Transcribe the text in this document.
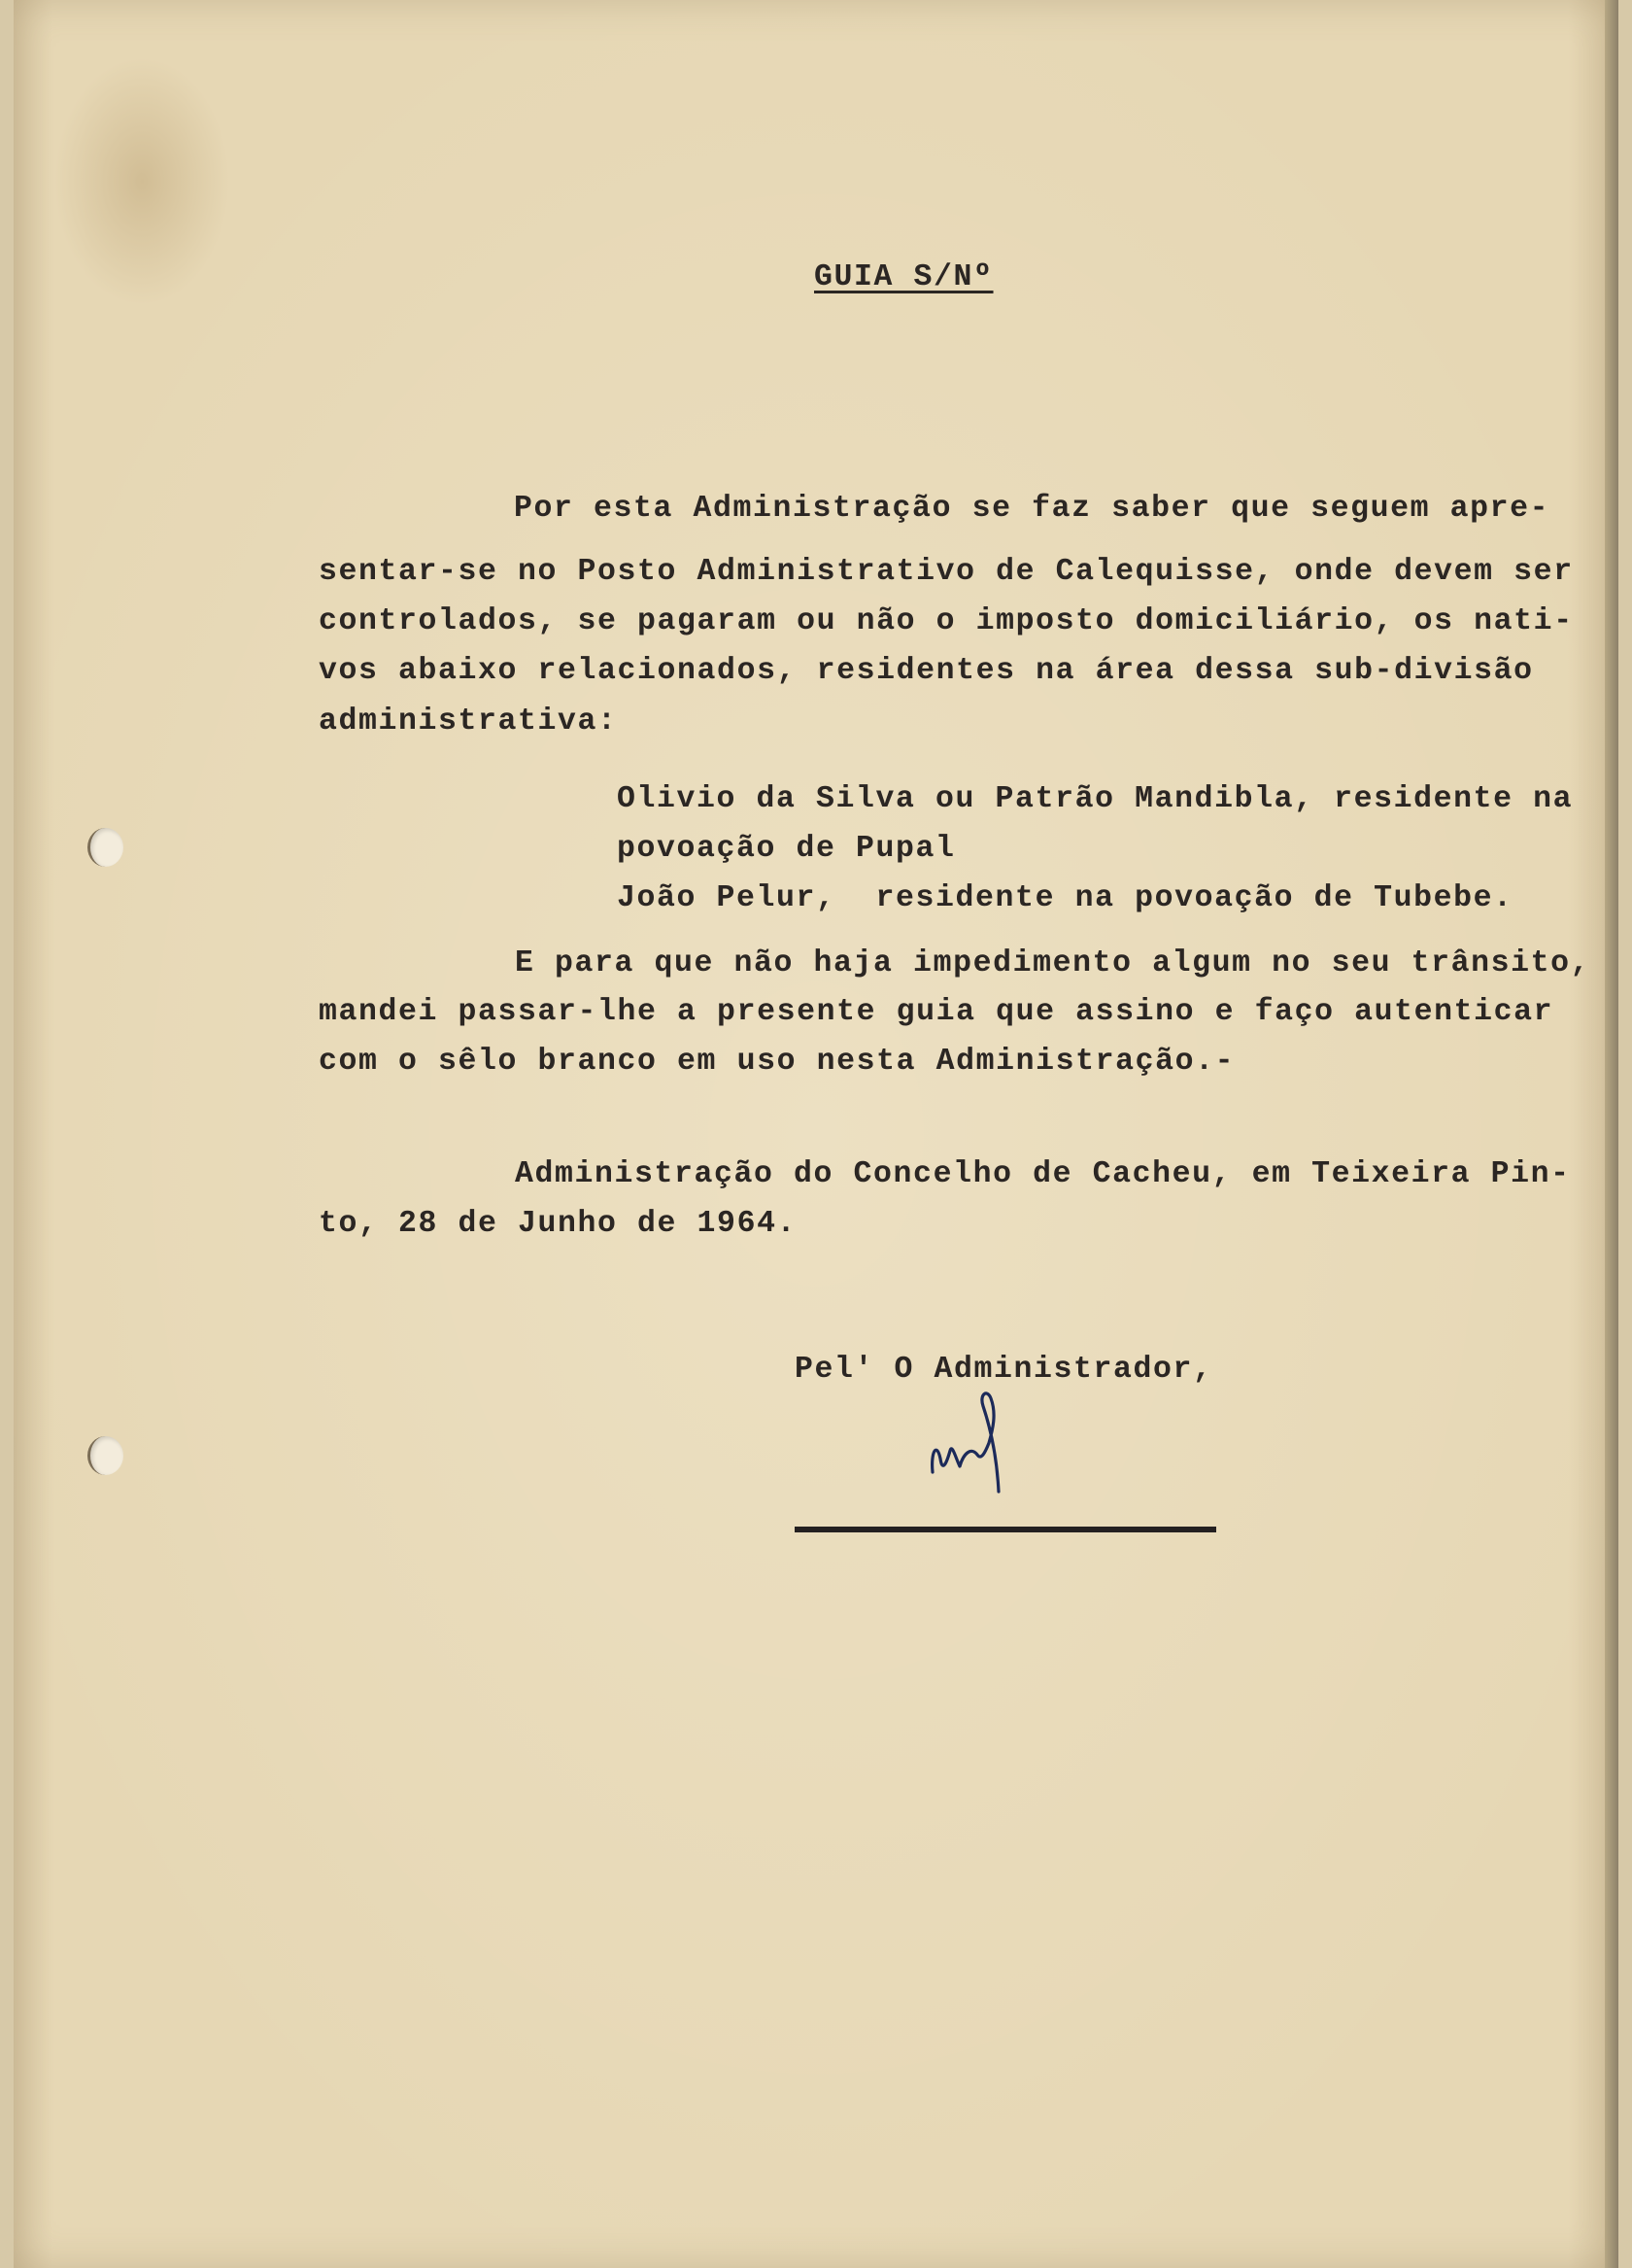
GUIA S/Nº
Por esta Administração se faz saber que seguem apre-
sentar-se no Posto Administrativo de Calequisse, onde devem ser
controlados, se pagaram ou não o imposto domiciliário, os nati-
vos abaixo relacionados, residentes na área dessa sub-divisão
administrativa:
Olivio da Silva ou Patrão Mandibla, residente na
povoação de Pupal
João Pelur,  residente na povoação de Tubebe.
E para que não haja impedimento algum no seu trânsito,
mandei passar-lhe a presente guia que assino e faço autenticar
com o sêlo branco em uso nesta Administração.-
Administração do Concelho de Cacheu, em Teixeira Pin-
to, 28 de Junho de 1964.
Pel' O Administrador,
